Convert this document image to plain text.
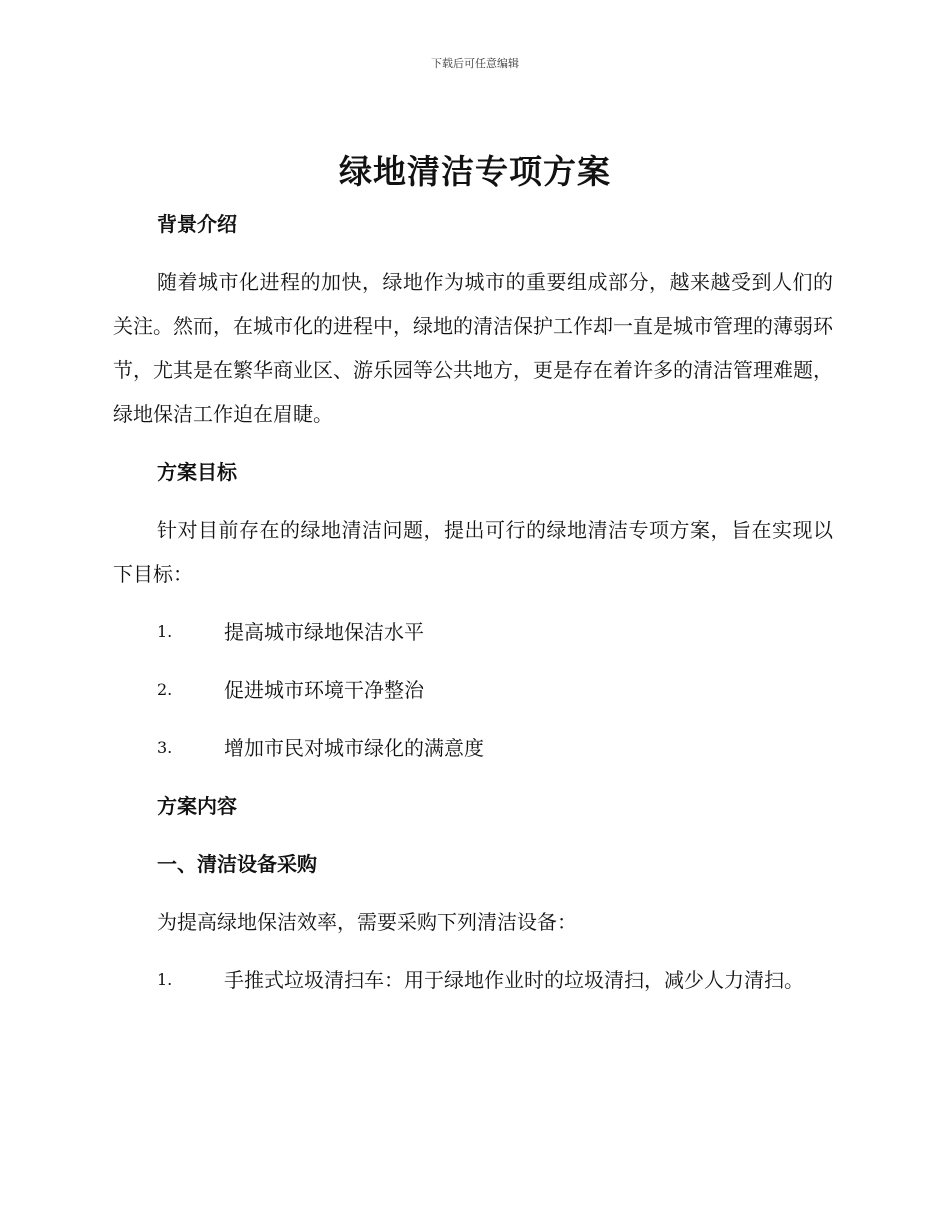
下载后可任意编辑
绿地清洁专项方案
背景介绍

随着城市化进程的加快，绿地作为城市的重要组成部分，越来越受到人们的关注。然而，在城市化的进程中，绿地的清洁保护工作却一直是城市管理的薄弱环节，尤其是在繁华商业区、游乐园等公共地方，更是存在着许多的清洁管理难题，绿地保洁工作迫在眉睫。

方案目标

针对目前存在的绿地清洁问题，提出可行的绿地清洁专项方案，旨在实现以下目标：

1.	提高城市绿地保洁水平
2.	促进城市环境干净整治
3.	增加市民对城市绿化的满意度
方案内容
一、清洁设备采购

为提高绿地保洁效率，需要采购下列清洁设备：

1.	手推式垃圾清扫车：用于绿地作业时的垃圾清扫，减少人力清扫。
